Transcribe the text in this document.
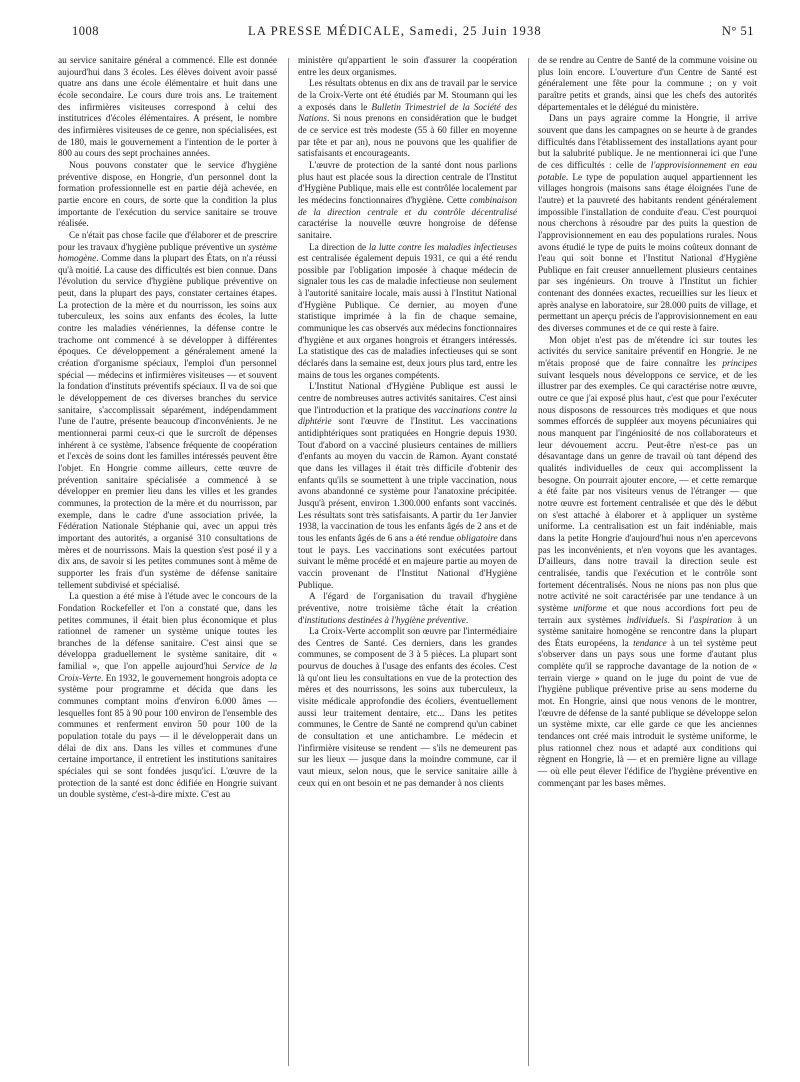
1008	LA PRESSE MÉDICALE, Samedi, 25 Juin 1938	N° 51

au service sanitaire général a commencé. Elle est donnée aujourd'hui dans 3 écoles. Les élèves doivent avoir passé quatre ans dans une école élémentaire et huit dans une école secondaire. Le cours dure trois ans. Le traitement des infirmières visiteuses correspond à celui des institutrices d'écoles élémentaires. A présent, le nombre des infirmières visiteuses de ce genre, non spécialisées, est de 180, mais le gouvernement a l'intention de le porter à 800 au cours des sept prochaines années.

Nous pouvons constater que le service d'hygiène préventive dispose, en Hongrie, d'un personnel dont la formation professionnelle est en partie déjà achevée, en partie encore en cours, de sorte que la condition la plus importante de l'exécution du service sanitaire se trouve réalisée.

Ce n'était pas chose facile que d'élaborer et de prescrire pour les travaux d'hygiène publique préventive un système homogène. Comme dans la plupart des États, on n'a réussi qu'à moitié. La cause des difficultés est bien connue. Dans l'évolution du service d'hygiène publique préventive on peut, dans la plupart des pays, constater certaines étapes. La protection de la mère et du nourrisson, les soins aux tuberculeux, les soins aux enfants des écoles, la lutte contre les maladies vénériennes, la défense contre le trachome ont commencé à se développer à différentes époques. Ce développement a généralement amené la création d'organisme spéciaux, l'emploi d'un personnel spécial — médecins et infirmières visiteuses — et souvent la fondation d'instituts préventifs spéciaux. Il va de soi que le développement de ces diverses branches du service sanitaire, s'accomplissait séparément, indépendamment l'une de l'autre, présente beaucoup d'inconvénients. Je ne mentionnerai parmi ceux-ci que le surcroît de dépenses inhérent à ce système, l'absence fréquente de coopération et l'excès de soins dont les familles intéressés peuvent être l'objet. En Hongrie comme ailleurs, cette œuvre de prévention sanitaire spécialisée a commencé à se développer en premier lieu dans les villes et les grandes communes, la protection de la mère et du nourrisson, par exemple, dans le cadre d'une association privée, la Fédération Nationale Stéphanie qui, avec un appui très important des autorités, a organisé 310 consultations de mères et de nourrissons. Mais la question s'est posé il y a dix ans, de savoir si les petites communes sont à même de supporter les frais d'un système de défense sanitaire tellement subdivisé et spécialisé.

La question a été mise à l'étude avec le concours de la Fondation Rockefeller et l'on a constaté que, dans les petites communes, il était bien plus économique et plus rationnel de ramener un système unique toutes les branches de la défense sanitaire. C'est ainsi que se développa graduellement le système sanitaire, dit « familial », que l'on appelle aujourd'hui Service de la Croix-Verte. En 1932, le gouvernement hongrois adopta ce système pour programme et décida que dans les communes comptant moins d'environ 6.000 âmes — lesquelles font 85 à 90 pour 100 environ de l'ensemble des communes et renferment environ 50 pour 100 de la population totale du pays — il le développerait dans un délai de dix ans. Dans les villes et communes d'une certaine importance, il entretient les institutions sanitaires spéciales qui se sont fondées jusqu'ici. L'œuvre de la protection de la santé est donc édifiée en Hongrie suivant un double système, c'est-à-dire mixte. C'est au

ministère qu'appartient le soin d'assurer la coopération entre les deux organismes.

Les résultats obtenus en dix ans de travail par le service de la Croix-Verte ont été étudiés par M. Stoumann qui les a exposés dans le Bulletin Trimestriel de la Société des Nations. Si nous prenons en considération que le budget de ce service est très modeste (55 à 60 filler en moyenne par tête et par an), nous ne pouvons que les qualifier de satisfaisants et encourageants.

L'œuvre de protection de la santé dont nous parlions plus haut est placée sous la direction centrale de l'Institut d'Hygiène Publique, mais elle est contrôlée localement par les médecins fonctionnaires d'hygiène. Cette combinaison de la direction centrale et du contrôle décentralisé caractérise la nouvelle œuvre hongroise de défense sanitaire.

La direction de la lutte contre les maladies infectieuses est centralisée également depuis 1931, ce qui a été rendu possible par l'obligation imposée à chaque médecin de signaler tous les cas de maladie infectieuse non seulement à l'autorité sanitaire locale, mais aussi à l'Institut National d'Hygiène Publique. Ce dernier, au moyen d'une statistique imprimée à la fin de chaque semaine, communique les cas observés aux médecins fonctionnaires d'hygiène et aux organes hongrois et étrangers intéressés. La statistique des cas de maladies infectieuses qui se sont déclarés dans la semaine est, deux jours plus tard, entre les mains de tous les organes compétents.

L'Institut National d'Hygiène Publique est aussi le centre de nombreuses autres activités sanitaires. C'est ainsi que l'introduction et la pratique des vaccinations contre la diphtérie sont l'œuvre de l'Institut. Les vaccinations antidiphtériques sont pratiquées en Hongrie depuis 1930. Tout d'abord on a vacciné plusieurs centaines de milliers d'enfants au moyen du vaccin de Ramon. Ayant constaté que dans les villages il était très difficile d'obtenir des enfants qu'ils se soumettent à une triple vaccination, nous avons abandonné ce système pour l'anatoxine précipitée. Jusqu'à présent, environ 1.300.000 enfants sont vaccinés. Les résultats sont très satisfaisants. A partir du 1er Janvier 1938, la vaccination de tous les enfants âgés de 2 ans et de tous les enfants âgés de 6 ans a été rendue obligatoire dans tout le pays. Les vaccinations sont exécutées partout suivant le même procédé et en majeure partie au moyen de vaccin provenant de l'Institut National d'Hygiène Publique.

A l'égard de l'organisation du travail d'hygiène préventive, notre troisième tâche était la création d'institutions destinées à l'hygiène préventive.

La Croix-Verte accomplit son œuvre par l'intermédiaire des Centres de Santé. Ces derniers, dans les grandes communes, se composent de 3 à 5 pièces. La plupart sont pourvus de douches à l'usage des enfants des écoles. C'est là qu'ont lieu les consultations en vue de la protection des mères et des nourrissons, les soins aux tuberculeux, la visite médicale approfondie des écoliers, éventuellement aussi leur traitement dentaire, etc... Dans les petites communes, le Centre de Santé ne comprend qu'un cabinet de consultation et une antichambre. Le médecin et l'infirmière visiteuse se rendent — s'ils ne demeurent pas sur les lieux — jusque dans la moindre commune, car il vaut mieux, selon nous, que le service sanitaire aille à ceux qui en ont besoin et ne pas demander à nos clients

de se rendre au Centre de Santé de la commune voisine ou plus loin encore. L'ouverture d'un Centre de Santé est généralement une fête pour la commune ; on y voit paraître petits et grands, ainsi que les chefs des autorités départementales et le délégué du ministère.

Dans un pays agraire comme la Hongrie, il arrive souvent que dans les campagnes on se heurte à de grandes difficultés dans l'établissement des installations ayant pour but la salubrité publique. Je ne mentionnerai ici que l'une de ces difficultés : celle de l'approvisionnement en eau potable. Le type de population auquel appartiennent les villages hongrois (maisons sans étage éloignées l'une de l'autre) et la pauvreté des habitants rendent généralement impossible l'installation de conduite d'eau. C'est pourquoi nous cherchons à résoudre par des puits la question de l'approvisionnement en eau des populations rurales. Nous avons étudié le type de puits le moins coûteux donnant de l'eau qui soit bonne et l'Institut National d'Hygiène Publique en fait creuser annuellement plusieurs centaines par ses ingénieurs. On trouve à l'Institut un fichier contenant des données exactes, recueillies sur les lieux et après analyse en laboratoire, sur 28.000 puits de village, et permettant un aperçu précis de l'approvisionnement en eau des diverses communes et de ce qui reste à faire.

Mon objet n'est pas de m'étendre ici sur toutes les activités du service sanitaire préventif en Hongrie. Je ne m'étais proposé que de faire connaître les principes suivant lesquels nous développons ce service, et de les illustrer par des exemples. Ce qui caractérise notre œuvre, outre ce que j'ai exposé plus haut, c'est que pour l'exécuter nous disposons de ressources très modiques et que nous sommes efforcés de suppléer aux moyens pécuniaires qui nous manquent par l'ingéniosité de nos collaborateurs et leur dévouement accru. Peut-être n'est-ce pas un désavantage dans un genre de travail où tant dépend des qualités individuelles de ceux qui accomplissent la besogne. On pourrait ajouter encore, — et cette remarque a été faite par nos visiteurs venus de l'étranger — que notre œuvre est fortement centralisée et que dès le début on s'est attaché à élaborer et à appliquer un système uniforme. La centralisation est un fait indéniable, mais dans la petite Hongrie d'aujourd'hui nous n'en apercevons pas les inconvénients, et n'en voyons que les avantages. D'ailleurs, dans notre travail la direction seule est centralisée, tandis que l'exécution et le contrôle sont fortement décentralisés. Nous ne nions pas non plus que notre activité ne soit caractérisée par une tendance à un système uniforme et que nous accordions fort peu de terrain aux systèmes individuels. Si l'aspiration à un système sanitaire homogène se rencontre dans la plupart des États européens, la tendance à un tel système peut s'observer dans un pays sous une forme d'autant plus complète qu'il se rapproche davantage de la notion de « terrain vierge » quand on le juge du point de vue de l'hygiène publique préventive prise au sens moderne du mot. En Hongrie, ainsi que nous venons de le montrer, l'œuvre de défense de la santé publique se développe selon un système mixte, car elle garde ce que les anciennes tendances ont créé mais introduit le système uniforme, le plus rationnel chez nous et adapté aux conditions qui règnent en Hongrie, là — et en première ligne au village — où elle peut élever l'édifice de l'hygiène préventive en commençant par les bases mêmes.
